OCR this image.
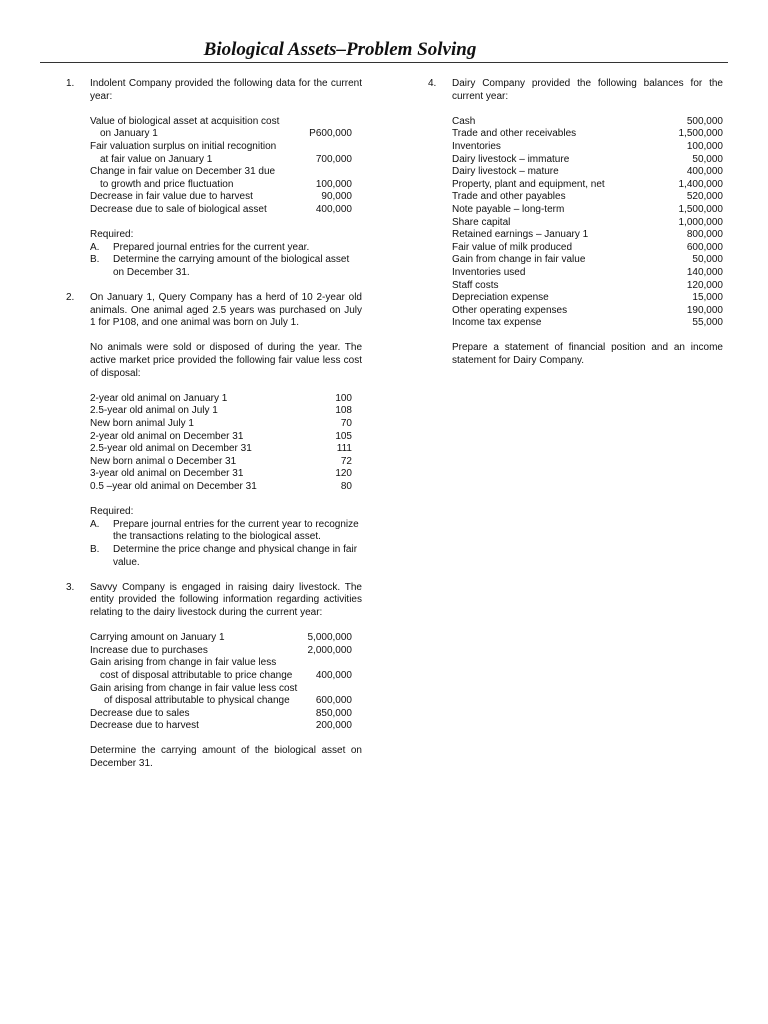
Biological Assets–Problem Solving
1. Indolent Company provided the following data for the current year:
Value of biological asset at acquisition cost
on January 1	P600,000
Fair valuation surplus on initial recognition
at fair value on January 1	700,000
Change in fair value on December 31 due
to growth and price fluctuation	100,000
Decrease in fair value due to harvest	90,000
Decrease due to sale of biological asset	400,000
Required:
A. Prepared journal entries for the current year.
B. Determine the carrying amount of the biological asset on December 31.
2. On January 1, Query Company has a herd of 10 2-year old animals. One animal aged 2.5 years was purchased on July 1 for P108, and one animal was born on July 1.
No animals were sold or disposed of during the year. The active market price provided the following fair value less cost of disposal:
2-year old animal on January 1	100
2.5-year old animal on July 1	108
New born animal July 1	70
2-year old animal on December 31	105
2.5-year old animal on December 31	111
New born animal o December 31	72
3-year old animal on December 31	120
0.5 –year old animal on December 31	80
Required:
A. Prepare journal entries for the current year to recognize the transactions relating to the biological asset.
B. Determine the price change and physical change in fair value.
3. Savvy Company is engaged in raising dairy livestock. The entity provided the following information regarding activities relating to the dairy livestock during the current year:
Carrying amount on January 1	5,000,000
Increase due to purchases	2,000,000
Gain arising from change in fair value less
cost of disposal attributable to price change	400,000
Gain arising from change in fair value less cost
of disposal attributable to physical change	600,000
Decrease due to sales	850,000
Decrease due to harvest	200,000
Determine the carrying amount of the biological asset on December 31.
4. Dairy Company provided the following balances for the current year:
Cash	500,000
Trade and other receivables	1,500,000
Inventories	100,000
Dairy livestock – immature	50,000
Dairy livestock – mature	400,000
Property, plant and equipment, net	1,400,000
Trade and other payables	520,000
Note payable – long-term	1,500,000
Share capital	1,000,000
Retained earnings – January 1	800,000
Fair value of milk produced	600,000
Gain from change in fair value	50,000
Inventories used	140,000
Staff costs	120,000
Depreciation expense	15,000
Other operating expenses	190,000
Income tax expense	55,000
Prepare a statement of financial position and an income statement for Dairy Company.
